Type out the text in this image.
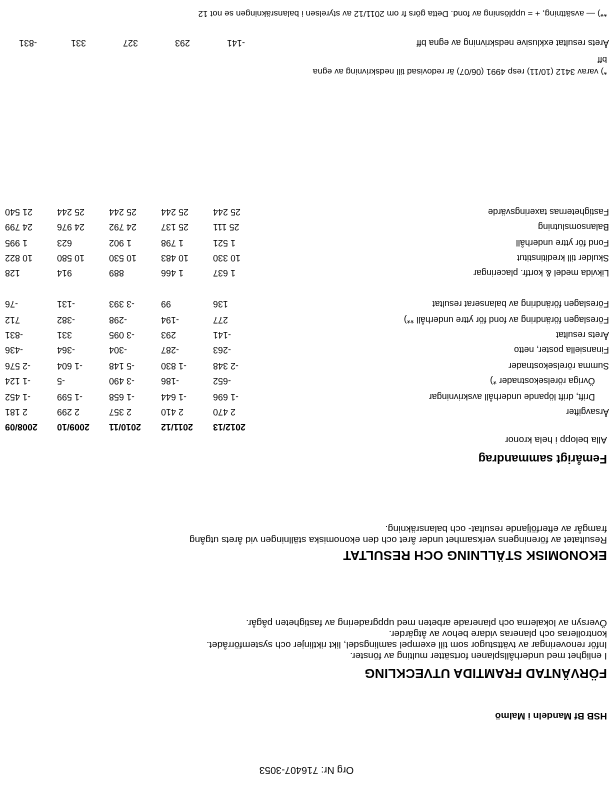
Org Nr: 716407-3053
HSB Bf Mandeln i Malmö
FÖRVÄNTAD FRAMTIDA UTVECKLING
I enlighet med underhållsplanen fortsätter multing av fönster.
Inför renoveringar av tvättstugor som till exempel samlingsdel, likt riktlinjer och systemförrådet.
kontrolleras och planeras vidare behov av åtgärder.
Översyn av lokalerna och planerade arbeten med uppgradering av fastigheten pågår.
EKONOMISK STÄLLNING OCH RESULTAT
Resultatet av föreningens verksamhet under året och den ekonomiska ställningen vid årets utgång
framgår av efterföljande resultat- och balansräkning.
Femårigt sammandrag
Alla belopp i hela kronor
	2012/13	2011/12	2010/11	2009/10	2008/09
Årsavgifter	2 470	2 410	2 357	2 299	2 181
Drift, drift löpande underhåll avskrivningar	-1 696	-1 644	-1 658	-1 599	-1 452
Övriga rörelsekostnader *)	-652	-186	-3 490	-5	-1 124
Summa rörelsekostnader	-2 348	-1 830	-5 148	-1 604	-2 576
Finansiella poster, netto	-263	-287	-304	-364	-436
Årets resultat	-141	293	-3 095	331	-831
Föreslagen förändring av fond för yttre underhåll **)	277	-194	-298	-382	712
Föreslagen förändring av balanserat resultat	136	99	-3 393	-131	-76

Likvida medel & kortfr. placeringar	1 637	1 466	889	914	128
Skulder till kreditinstitut	10 330	10 483	10 530	10 580	10 822
Fond för yttre underhåll	1 521	1 798	1 902	623	1 995
Balansomslutning	25 111	25 137	24 792	24 976	24 799
Fastigheternas taxeringsvärde	25 244	25 244	25 244	25 244	21 540
*) varav 3412 (10/11) resp 4991 (06/07) är redovisad till nedskrivning av egna
bff
Årets resultat exklusive nedskrivning av egna bff	-141	293	327	331	-831
**) — avsättning, + = upplösning av fond. Detta görs fr om 2011/12 av styrelsen i balansräkningen se not 12
